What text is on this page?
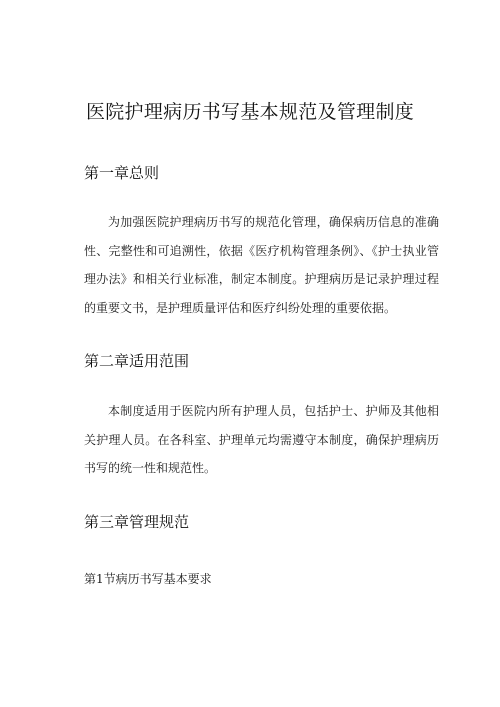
医院护理病历书写基本规范及管理制度
第一章总则
为加强医院护理病历书写的规范化管理，确保病历信息的准确性、完整性和可追溯性，依据《医疗机构管理条例》、《护士执业管理办法》和相关行业标准，制定本制度。护理病历是记录护理过程的重要文书，是护理质量评估和医疗纠纷处理的重要依据。
第二章适用范围
本制度适用于医院内所有护理人员，包括护士、护师及其他相关护理人员。在各科室、护理单元均需遵守本制度，确保护理病历书写的统一性和规范性。
第三章管理规范
第1节病历书写基本要求
